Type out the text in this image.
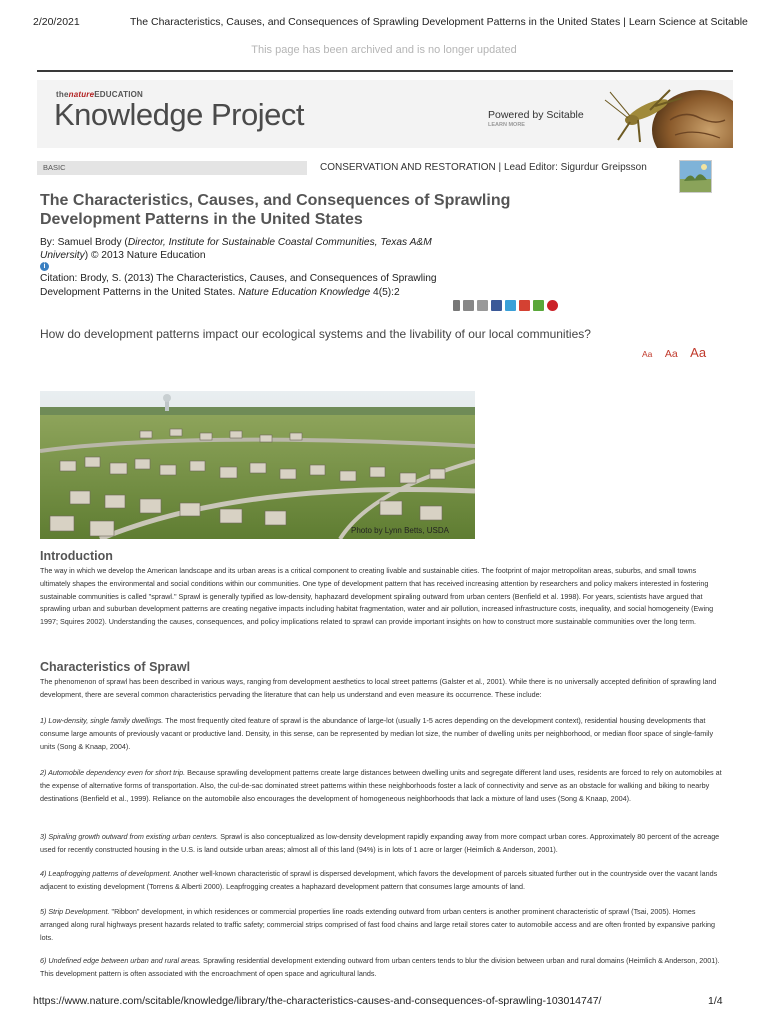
2/20/2021	The Characteristics, Causes, and Consequences of Sprawling Development Patterns in the United States | Learn Science at Scitable
This page has been archived and is no longer updated
thenatureEDUCATION
Knowledge Project	Powered by Scitable
LEARN MORE
BASIC	CONSERVATION AND RESTORATION | Lead Editor: Sigurdur Greipsson
The Characteristics, Causes, and Consequences of Sprawling Development Patterns in the United States
By: Samuel Brody (Director, Institute for Sustainable Coastal Communities, Texas A&M University) © 2013 Nature Education
i
Citation: Brody, S. (2013) The Characteristics, Causes, and Consequences of Sprawling Development Patterns in the United States. Nature Education Knowledge 4(5):2
How do development patterns impact our ecological systems and the livability of our local communities?
Aa Aa Aa
Photo by Lynn Betts, USDA
Introduction

The way in which we develop the American landscape and its urban areas is a critical component to creating livable and sustainable cities. The footprint of major metropolitan areas, suburbs, and small towns ultimately shapes the environmental and social conditions within our communities. One type of development pattern that has received increasing attention by researchers and policy makers interested in fostering sustainable communities is called "sprawl." Sprawl is generally typified as low-density, haphazard development spiraling outward from urban centers (Benfield et al. 1998). For years, scientists have argued that sprawling urban and suburban development patterns are creating negative impacts including habitat fragmentation, water and air pollution, increased infrastructure costs, inequality, and social homogeneity (Ewing 1997; Squires 2002). Understanding the causes, consequences, and policy implications related to sprawl can provide important insights on how to construct more sustainable communities over the long term.

Characteristics of Sprawl

The phenomenon of sprawl has been described in various ways, ranging from development aesthetics to local street patterns (Galster et al., 2001). While there is no universally accepted definition of sprawling land development, there are several common characteristics pervading the literature that can help us understand and even measure its occurrence. These include:

1) Low-density, single family dwellings. The most frequently cited feature of sprawl is the abundance of large-lot (usually 1-5 acres depending on the development context), residential housing developments that consume large amounts of previously vacant or productive land. Density, in this sense, can be represented by median lot size, the number of dwelling units per neighborhood, or median floor space of single-family units (Song & Knaap, 2004).

2) Automobile dependency even for short trip. Because sprawling development patterns create large distances between dwelling units and segregate different land uses, residents are forced to rely on automobiles at the expense of alternative forms of transportation. Also, the cul-de-sac dominated street patterns within these neighborhoods foster a lack of connectivity and serve as an obstacle for walking and biking to nearby destinations (Benfield et al., 1999). Reliance on the automobile also encourages the development of homogeneous neighborhoods that lack a mixture of land uses (Song & Knaap, 2004).

3) Spiraling growth outward from existing urban centers. Sprawl is also conceptualized as low-density development rapidly expanding away from more compact urban cores. Approximately 80 percent of the acreage used for recently constructed housing in the U.S. is land outside urban areas; almost all of this land (94%) is in lots of 1 acre or larger (Heimlich & Anderson, 2001).

4) Leapfrogging patterns of development. Another well-known characteristic of sprawl is dispersed development, which favors the development of parcels situated further out in the countryside over the vacant lands adjacent to existing development (Torrens & Alberti 2000). Leapfrogging creates a haphazard development pattern that consumes large amounts of land.

5) Strip Development. "Ribbon" development, in which residences or commercial properties line roads extending outward from urban centers is another prominent characteristic of sprawl (Tsai, 2005). Homes arranged along rural highways present hazards related to traffic safety; commercial strips comprised of fast food chains and large retail stores cater to automobile access and are often fronted by expansive parking lots.

6) Undefined edge between urban and rural areas. Sprawling residential development extending outward from urban centers tends to blur the division between urban and rural domains (Heimlich & Anderson, 2001). This development pattern is often associated with the encroachment of open space and agricultural lands.

https://www.nature.com/scitable/knowledge/library/the-characteristics-causes-and-consequences-of-sprawling-103014747/	1/4
